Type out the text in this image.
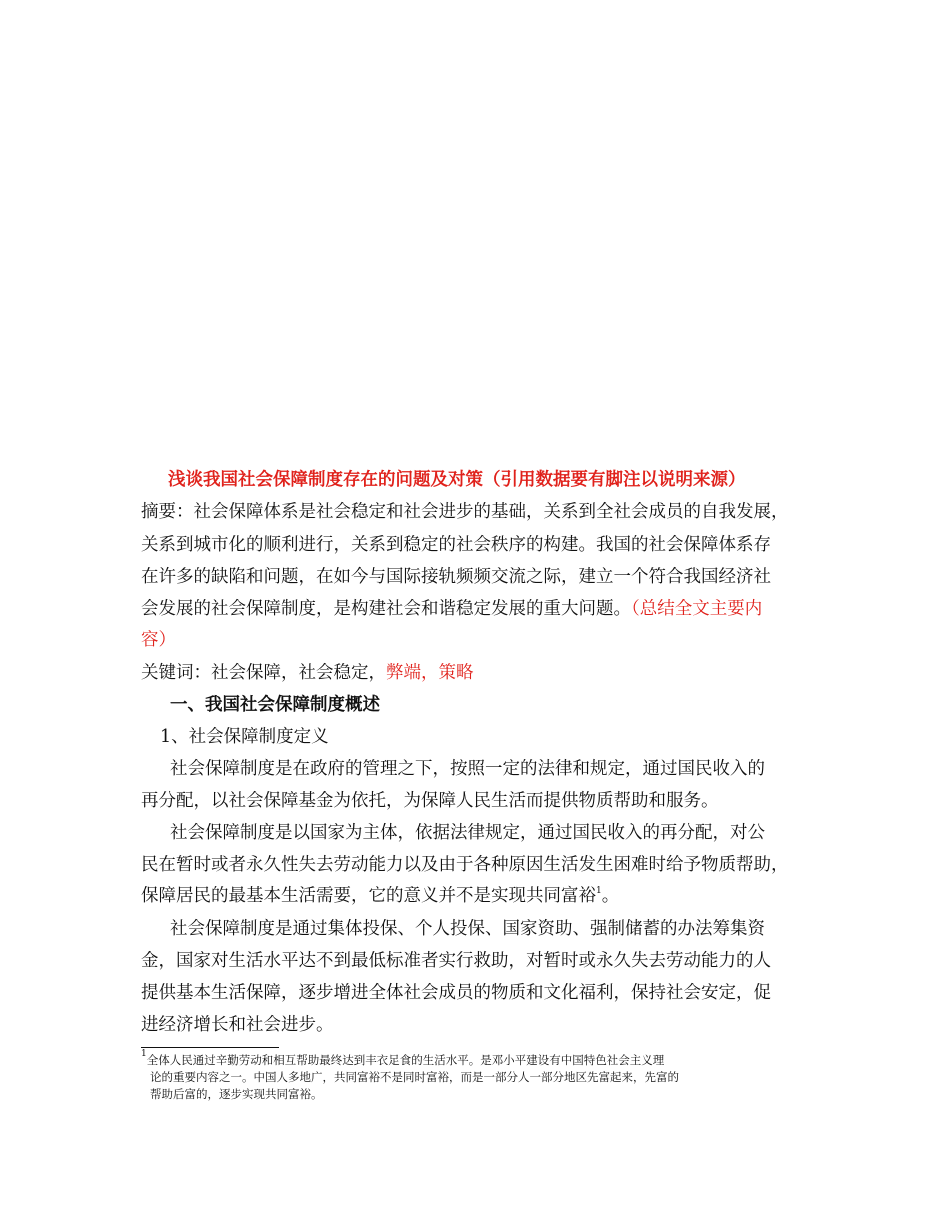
浅谈我国社会保障制度存在的问题及对策（引用数据要有脚注以说明来源）
摘要：社会保障体系是社会稳定和社会进步的基础，关系到全社会成员的自我发展，
关系到城市化的顺利进行，关系到稳定的社会秩序的构建。我国的社会保障体系存
在许多的缺陷和问题，在如今与国际接轨频频交流之际，建立一个符合我国经济社
会发展的社会保障制度，是构建社会和谐稳定发展的重大问题。（总结全文主要内
容）
关键词：社会保障，社会稳定，弊端，策略
一、我国社会保障制度概述
1、社会保障制度定义
社会保障制度是在政府的管理之下，按照一定的法律和规定，通过国民收入的
再分配，以社会保障基金为依托，为保障人民生活而提供物质帮助和服务。
社会保障制度是以国家为主体，依据法律规定，通过国民收入的再分配，对公
民在暂时或者永久性失去劳动能力以及由于各种原因生活发生困难时给予物质帮助，
保障居民的最基本生活需要，它的意义并不是实现共同富裕$^1$。
社会保障制度是通过集体投保、个人投保、国家资助、强制储蓄的办法筹集资
金，国家对生活水平达不到最低标准者实行救助，对暂时或永久失去劳动能力的人
提供基本生活保障，逐步增进全体社会成员的物质和文化福利，保持社会安定，促
进经济增长和社会进步。
$^1$全体人民通过辛勤劳动和相互帮助最终达到丰衣足食的生活水平。是邓小平建设有中国特色社会主义理
论的重要内容之一。中国人多地广，共同富裕不是同时富裕，而是一部分人一部分地区先富起来，先富的
帮助后富的，逐步实现共同富裕。
